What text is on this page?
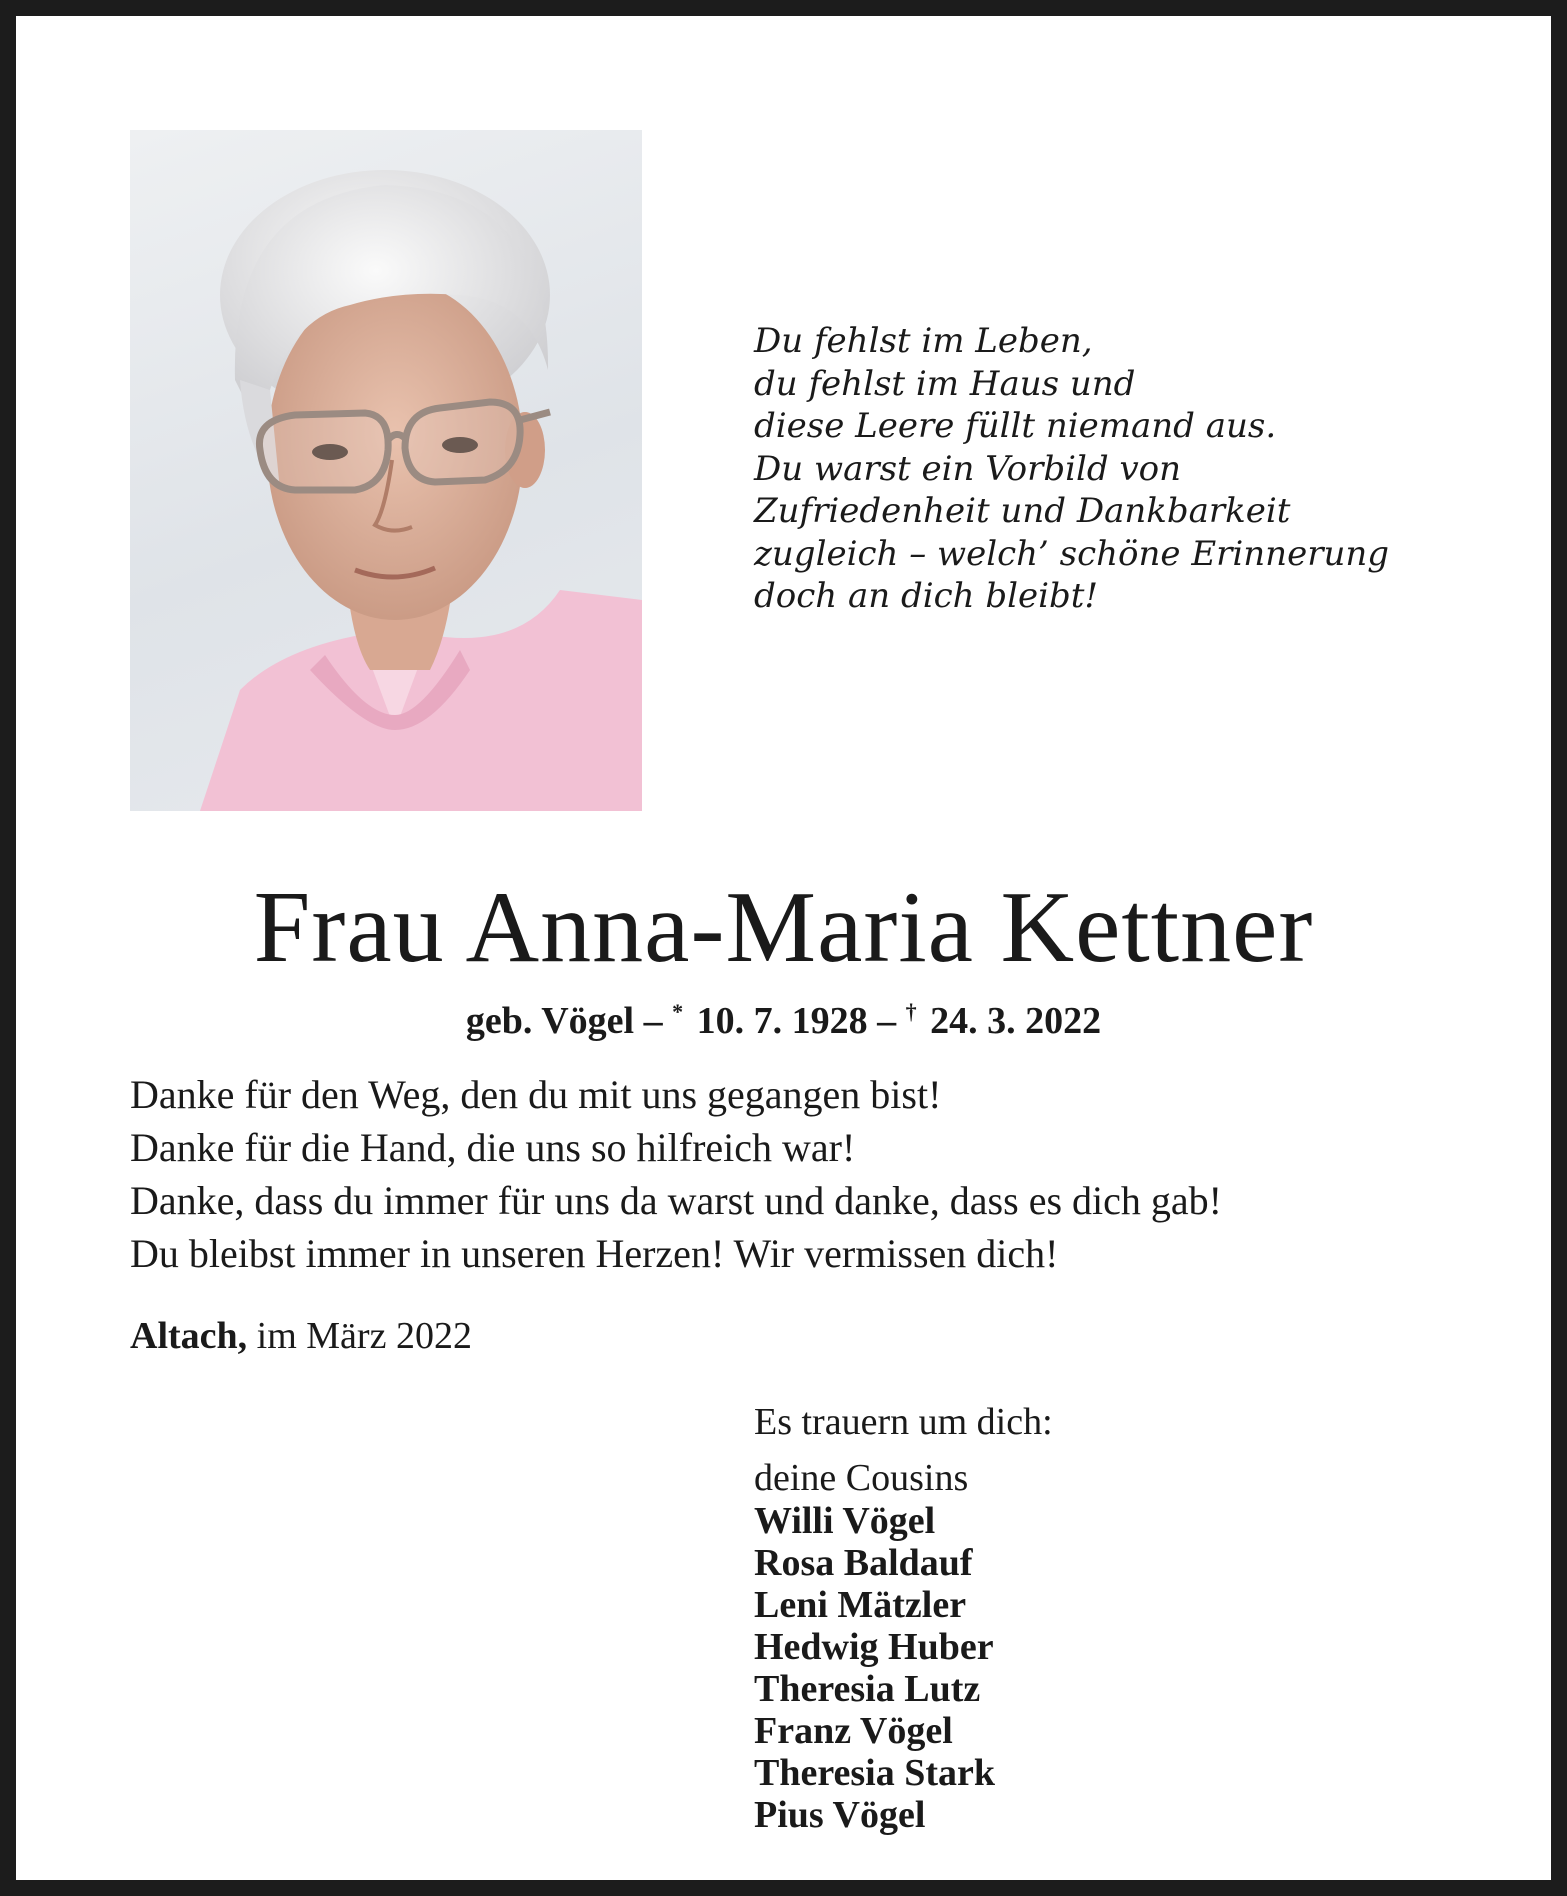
Du fehlst im Leben,
du fehlst im Haus und
diese Leere füllt niemand aus.
Du warst ein Vorbild von
Zufriedenheit und Dankbarkeit
zugleich – welch’ schöne Erinnerung
doch an dich bleibt!
Frau Anna-Maria Kettner
geb. Vögel – * 10. 7. 1928 – † 24. 3. 2022
Danke für den Weg, den du mit uns gegangen bist!
Danke für die Hand, die uns so hilfreich war!
Danke, dass du immer für uns da warst und danke, dass es dich gab!
Du bleibst immer in unseren Herzen! Wir vermissen dich!
Altach, im März 2022
Es trauern um dich:
deine Cousins
Willi Vögel
Rosa Baldauf
Leni Mätzler
Hedwig Huber
Theresia Lutz
Franz Vögel
Theresia Stark
Pius Vögel
